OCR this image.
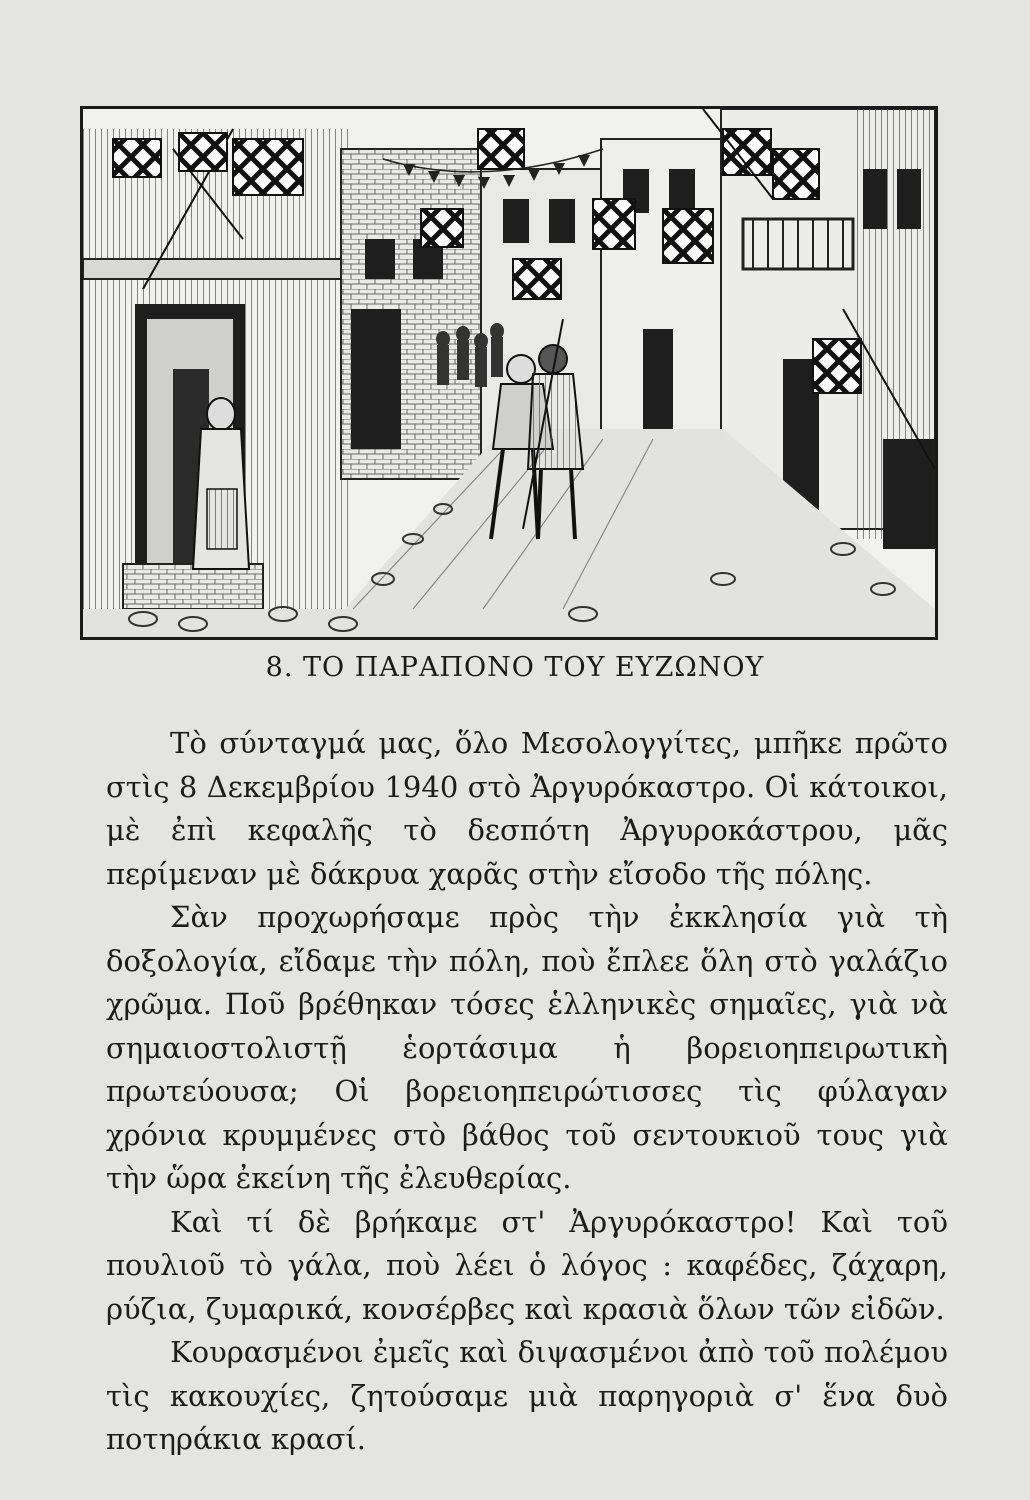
8. ΤΟ ΠΑΡΑΠΟΝΟ ΤΟΥ ΕΥΖΩΝΟΥ

Τὸ σύνταγμά μας, ὅλο Μεσολογγίτες, μπῆκε πρῶτο στὶς 8 Δεκεμβρίου 1940 στὸ Ἀργυρόκαστρο. Οἱ κάτοικοι, μὲ ἐπὶ κεφαλῆς τὸ δεσπότη Ἀργυροκάστρου, μᾶς περίμεναν μὲ δάκρυα χαρᾶς στὴν εἴσοδο τῆς πόλης.

Σὰν προχωρήσαμε πρὸς τὴν ἐκκλησία γιὰ τὴ δοξολογία, εἴδαμε τὴν πόλη, ποὺ ἔπλεε ὅλη στὸ γαλάζιο χρῶμα. Ποῦ βρέθηκαν τόσες ἑλληνικὲς σημαῖες, γιὰ νὰ σημαιοστολιστῇ ἑορτάσιμα ἡ βορειοηπειρωτικὴ πρωτεύουσα; Οἱ βορειοηπειρώτισσες τὶς φύλαγαν χρόνια κρυμμένες στὸ βάθος τοῦ σεντουκιοῦ τους γιὰ τὴν ὥρα ἐκείνη τῆς ἐλευθερίας.

Καὶ τί δὲ βρήκαμε στ' Ἀργυρόκαστρο! Καὶ τοῦ πουλιοῦ τὸ γάλα, ποὺ λέει ὁ λόγος : καφέδες, ζάχαρη, ρύζια, ζυμαρικά, κονσέρβες καὶ κρασιὰ ὅλων τῶν εἰδῶν.

Κουρασμένοι ἐμεῖς καὶ διψασμένοι ἀπὸ τοῦ πολέμου τὶς κακουχίες, ζητούσαμε μιὰ παρηγοριὰ σ' ἕνα δυὸ ποτηράκια κρασί.
